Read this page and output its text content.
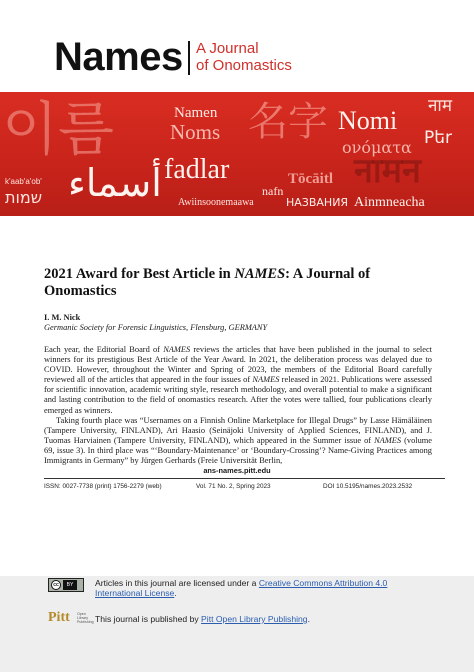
Names A Journal
of Onomastics
이름	Namen
Noms 名字 Nomi नाम
ονόματα Pեr
fadlar	Tōcāitl नामन
nafn
Awiinsoonemaawa	НАЗВАНИЯ Ainmneacha
k'aab'a'ob'
שמות أسماء
2021 Award for Best Article in NAMES: A Journal of Onomastics

I. M. Nick

Germanic Society for Forensic Linguistics, Flensburg, GERMANY

Each year, the Editorial Board of NAMES reviews the articles that have been published in the journal to select winners for its prestigious Best Article of the Year Award. In 2021, the deliberation process was delayed due to COVID. However, throughout the Winter and Spring of 2023, the members of the Editorial Board carefully reviewed all of the articles that appeared in the four issues of NAMES released in 2021. Publications were assessed for scientific innovation, academic writing style, research methodology, and overall potential to make a significant and lasting contribution to the field of onomastics research. After the votes were tallied, four publications clearly emerged as winners.

Taking fourth place was “Usernames on a Finnish Online Marketplace for Illegal Drugs” by Lasse Hämäläinen (Tampere University, FINLAND), Ari Haasio (Seinäjoki University of Applied Sciences, FINLAND), and J. Tuomas Harviainen (Tampere University, FINLAND), which appeared in the Summer issue of NAMES (volume 69, issue 3). In third place was “‘Boundary-Maintenance’ or ‘Boundary-Crossing’? Name-Giving Practices among Immigrants in Germany” by Jürgen Gerhards (Freie Universität Berlin,

ans-names.pitt.edu
ISSN: 0027-7738 (print) 1756-2279 (web)	Vol. 71 No. 2, Spring 2023	DOI 10.5195/names.2023.2532
cc	BY	Articles in this journal are licensed under a Creative Commons Attribution 4.0 International License.
Pitt Open Library Publishing This journal is published by Pitt Open Library Publishing.
